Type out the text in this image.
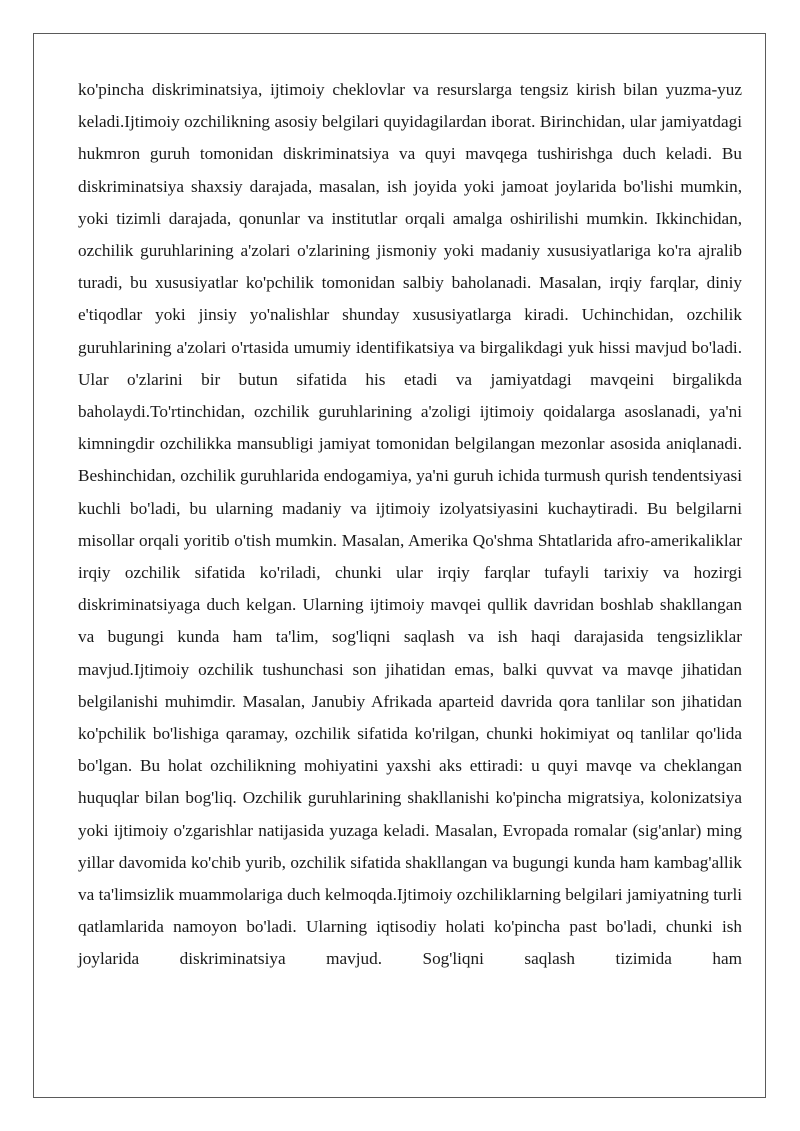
ko'pincha diskriminatsiya, ijtimoiy cheklovlar va resurslarga tengsiz kirish bilan yuzma-yuz keladi.Ijtimoiy ozchilikning asosiy belgilari quyidagilardan iborat. Birinchidan, ular jamiyatdagi hukmron guruh tomonidan diskriminatsiya va quyi mavqega tushirishga duch keladi. Bu diskriminatsiya shaxsiy darajada, masalan, ish joyida yoki jamoat joylarida bo'lishi mumkin, yoki tizimli darajada, qonunlar va institutlar orqali amalga oshirilishi mumkin. Ikkinchidan, ozchilik guruhlarining a'zolari o'zlarining jismoniy yoki madaniy xususiyatlariga ko'ra ajralib turadi, bu xususiyatlar ko'pchilik tomonidan salbiy baholanadi. Masalan, irqiy farqlar, diniy e'tiqodlar yoki jinsiy yo'nalishlar shunday xususiyatlarga kiradi. Uchinchidan, ozchilik guruhlarining a'zolari o'rtasida umumiy identifikatsiya va birgalikdagi yuk hissi mavjud bo'ladi. Ular o'zlarini bir butun sifatida his etadi va jamiyatdagi mavqeini birgalikda baholaydi.To'rtinchidan, ozchilik guruhlarining a'zoligi ijtimoiy qoidalarga asoslanadi, ya'ni kimningdir ozchilikka mansubligi jamiyat tomonidan belgilangan mezonlar asosida aniqlanadi. Beshinchidan, ozchilik guruhlarida endogamiya, ya'ni guruh ichida turmush qurish tendentsiyasi kuchli bo'ladi, bu ularning madaniy va ijtimoiy izolyatsiyasini kuchaytiradi. Bu belgilarni misollar orqali yoritib o'tish mumkin. Masalan, Amerika Qo'shma Shtatlarida afro-amerikaliklar irqiy ozchilik sifatida ko'riladi, chunki ular irqiy farqlar tufayli tarixiy va hozirgi diskriminatsiyaga duch kelgan. Ularning ijtimoiy mavqei qullik davridan boshlab shakllangan va bugungi kunda ham ta'lim, sog'liqni saqlash va ish haqi darajasida tengsizliklar mavjud.Ijtimoiy ozchilik tushunchasi son jihatidan emas, balki quvvat va mavqe jihatidan belgilanishi muhimdir. Masalan, Janubiy Afrikada aparteid davrida qora tanlilar son jihatidan ko'pchilik bo'lishiga qaramay, ozchilik sifatida ko'rilgan, chunki hokimiyat oq tanlilar qo'lida bo'lgan. Bu holat ozchilikning mohiyatini yaxshi aks ettiradi: u quyi mavqe va cheklangan huquqlar bilan bog'liq. Ozchilik guruhlarining shakllanishi ko'pincha migratsiya, kolonizatsiya yoki ijtimoiy o'zgarishlar natijasida yuzaga keladi. Masalan, Evropada romalar (sig'anlar) ming yillar davomida ko'chib yurib, ozchilik sifatida shakllangan va bugungi kunda ham kambag'allik va ta'limsizlik muammolariga duch kelmoqda.Ijtimoiy ozchiliklarning belgilari jamiyatning turli qatlamlarida namoyon bo'ladi. Ularning iqtisodiy holati ko'pincha past bo'ladi, chunki ish joylarida diskriminatsiya mavjud. Sog'liqni saqlash tizimida ham
